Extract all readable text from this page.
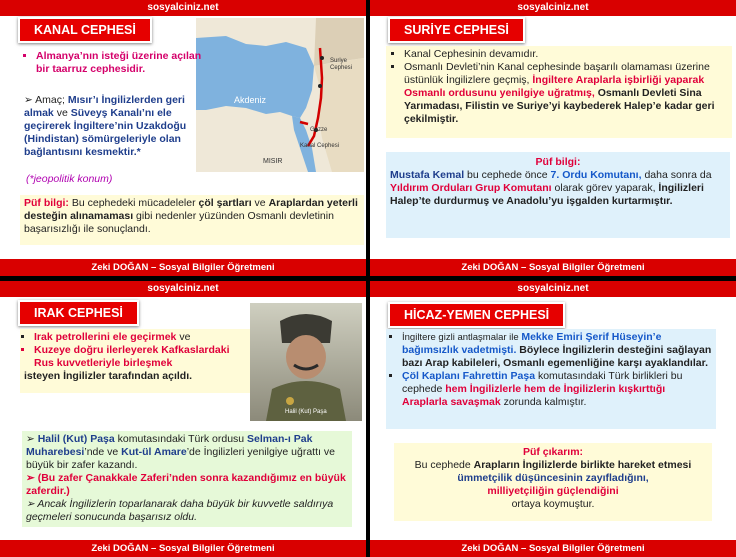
sosyalciniz.net
KANAL CEPHESİ
Akdeniz
MISIR
Suriye Cephesi
Kanal Cephesi
Gazze
▪ Almanya’nın isteği üzerine açılan bir taarruz cephesidir.
➢ Amaç; Mısır’ı İngilizlerden geri almak ve Süveyş Kanalı’nı ele geçirerek İngiltere’nin Uzakdoğu (Hindistan) sömürgeleriyle olan bağlantısını kesmektir.*
(*jeopolitik konum)
Püf bilgi: Bu cephedeki mücadeleler çöl şartları ve Araplardan yeterli desteğin alınamaması gibi nedenler yüzünden Osmanlı devletinin başarısızlığı ile sonuçlandı.
Zeki DOĞAN – Sosyal Bilgiler Öğretmeni
sosyalciniz.net
SURİYE CEPHESİ
▪ Kanal Cephesinin devamıdır.
▪ Osmanlı Devleti’nin Kanal cephesinde başarılı olamaması üzerine üstünlük İngilizlere geçmiş, İngiltere Araplarla işbirliği yaparak Osmanlı ordusunu yenilgiye uğratmış, Osmanlı Devleti Sina Yarımadası, Filistin ve Suriye’yi kaybederek Halep’e kadar geri çekilmiştir.
Püf bilgi:
Mustafa Kemal bu cephede önce 7. Ordu Komutanı, daha sonra da Yıldırım Orduları Grup Komutanı olarak görev yaparak, İngilizleri Halep’te durdurmuş ve Anadolu’yu işgalden kurtarmıştır.
Zeki DOĞAN – Sosyal Bilgiler Öğretmeni
sosyalciniz.net
IRAK CEPHESİ
▪ Irak petrollerini ele geçirmek ve
▪ Kuzeye doğru ilerleyerek Kafkaslardaki Rus kuvvetleriyle birleşmek
isteyen İngilizler tarafından açıldı.
Halil (Kut) Paşa
➢ Halil (Kut) Paşa komutasındaki Türk ordusu Selman-ı Pak Muharebesi’nde ve Kut-ül Amare’de İngilizleri yenilgiye uğrattı ve büyük bir zafer kazandı.
➢ (Bu zafer Çanakkale Zaferi’nden sonra kazandığımız en büyük zaferdir.)
➢ Ancak İngilizlerin toparlanarak daha büyük bir kuvvetle saldırıya geçmeleri sonucunda başarısız oldu.
Zeki DOĞAN – Sosyal Bilgiler Öğretmeni
sosyalciniz.net
HİCAZ-YEMEN CEPHESİ
▪ İngiltere gizli antlaşmalar ile Mekke Emiri Şerif Hüseyin’e bağımsızlık vadetmişti. Böylece İngilizlerin desteğini sağlayan bazı Arap kabileleri, Osmanlı egemenliğine karşı ayaklandılar.
▪ Çöl Kaplanı Fahrettin Paşa komutasındaki Türk birlikleri bu cephede hem İngilizlerle hem de İngilizlerin kışkırttığı Araplarla savaşmak zorunda kalmıştır.
Püf çıkarım:
Bu cephede Arapların İngilizlerde birlikte hareket etmesi
ümmetçilik düşüncesinin zayıfladığını,
milliyetçiliğin güçlendiğini
ortaya koymuştur.
Zeki DOĞAN – Sosyal Bilgiler Öğretmeni
